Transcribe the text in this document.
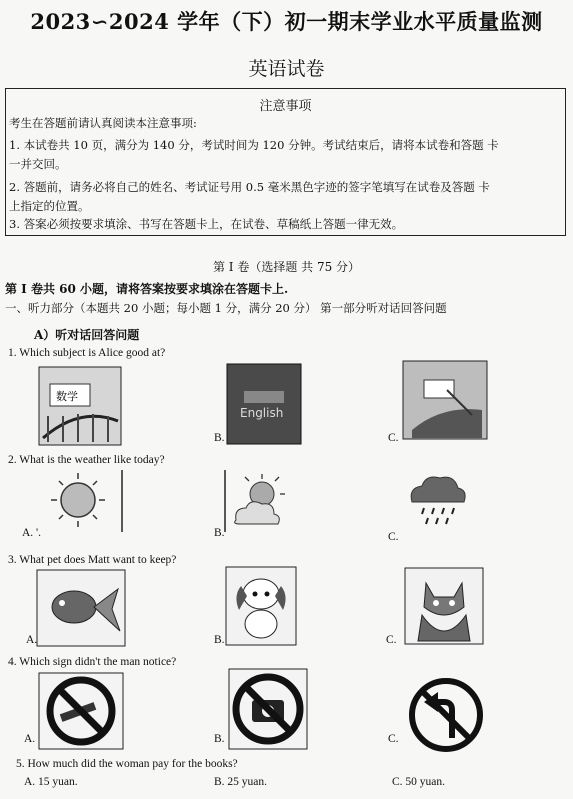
2023∽2024 学年（下）初一期末学业水平质量监测
英语试卷
注意事项
考生在答题前请认真阅读本注意事项:
1. 本试卷共 10 页，满分为 140 分，考试时间为 120 分钟。考试结束后，请将本试卷和答题 卡
一并交回。
2. 答题前，请务必将自己的姓名、考试证号用 0.5 毫米黑色字迹的签字笔填写在试卷及答题 卡
上指定的位置。
3. 答案必须按要求填涂、书写在答题卡上，在试卷、草稿纸上答题一律无效。
第 I 卷（选择题 共 75 分）
第 I 卷共 60 小题，请将答案按要求填涂在答题卡上.
一、听力部分（本题共 20 小题；每小题 1 分，满分 20 分） 第一部分听对话回答问题
A）听对话回答问题
1. Which subject is Alice good at?
数学
B.
English
C.
2. What is the weather like today?
A. '.	B.	C.
3. What pet does Matt want to keep?
A.	B.	C.
4. Which sign didn't the man notice?
A.	B.	C.
5. How much did the woman pay for the books?
A. 15 yuan.	B. 25 yuan.	C. 50 yuan.
